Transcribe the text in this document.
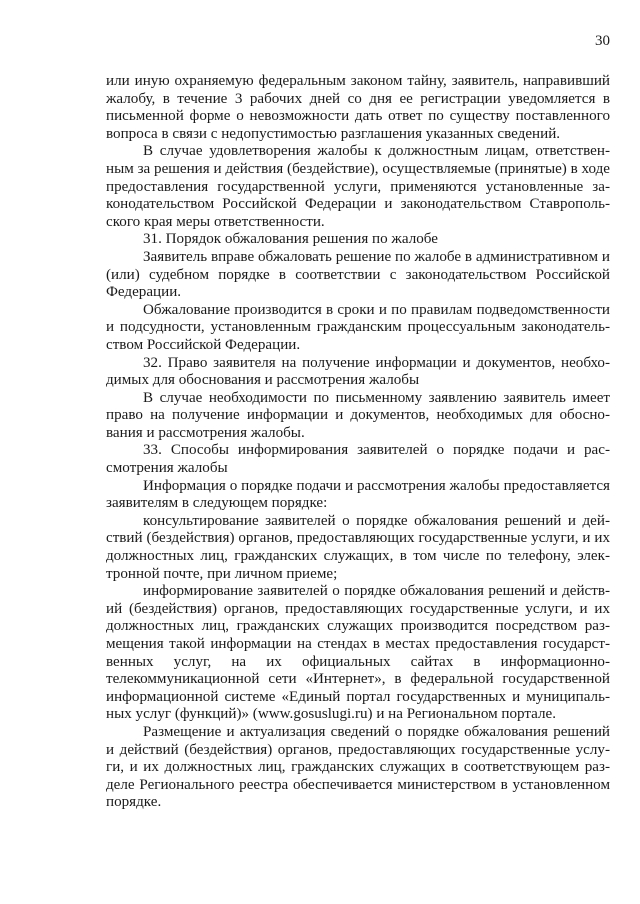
30

или иную охраняемую федеральным законом тайну, заявитель, направивший жалобу, в течение 3 рабочих дней со дня ее регистрации уведомляется в письменной форме о невозможности дать ответ по существу поставленного вопроса в связи с недопустимостью разглашения указанных сведений.

В случае удовлетворения жалобы к должностным лицам, ответственным за решения и действия (бездействие), осуществляемые (принятые) в ходе предоставления государственной услуги, применяются установленные законодательством Российской Федерации и законодательством Ставропольского края меры ответственности.

31. Порядок обжалования решения по жалобе

Заявитель вправе обжаловать решение по жалобе в административном и (или) судебном порядке в соответствии с законодательством Российской Федерации.

Обжалование производится в сроки и по правилам подведомственности и подсудности, установленным гражданским процессуальным законодательством Российской Федерации.

32. Право заявителя на получение информации и документов, необходимых для обоснования и рассмотрения жалобы

В случае необходимости по письменному заявлению заявитель имеет право на получение информации и документов, необходимых для обоснования и рассмотрения жалобы.

33. Способы информирования заявителей о порядке подачи и рассмотрения жалобы

Информация о порядке подачи и рассмотрения жалобы предоставляется заявителям в следующем порядке:

консультирование заявителей о порядке обжалования решений и действий (бездействия) органов, предоставляющих государственные услуги, и их должностных лиц, гражданских служащих, в том числе по телефону, электронной почте, при личном приеме;

информирование заявителей о порядке обжалования решений и действий (бездействия) органов, предоставляющих государственные услуги, и их должностных лиц, гражданских служащих производится посредством размещения такой информации на стендах в местах предоставления государственных услуг, на их официальных сайтах в информационно-телекоммуникационной сети «Интернет», в федеральной государственной информационной системе «Единый портал государственных и муниципальных услуг (функций)» (www.gosuslugi.ru) и на Региональном портале.

Размещение и актуализация сведений о порядке обжалования решений и действий (бездействия) органов, предоставляющих государственные услуги, и их должностных лиц, гражданских служащих в соответствующем разделе Регионального реестра обеспечивается министерством в установленном порядке.
